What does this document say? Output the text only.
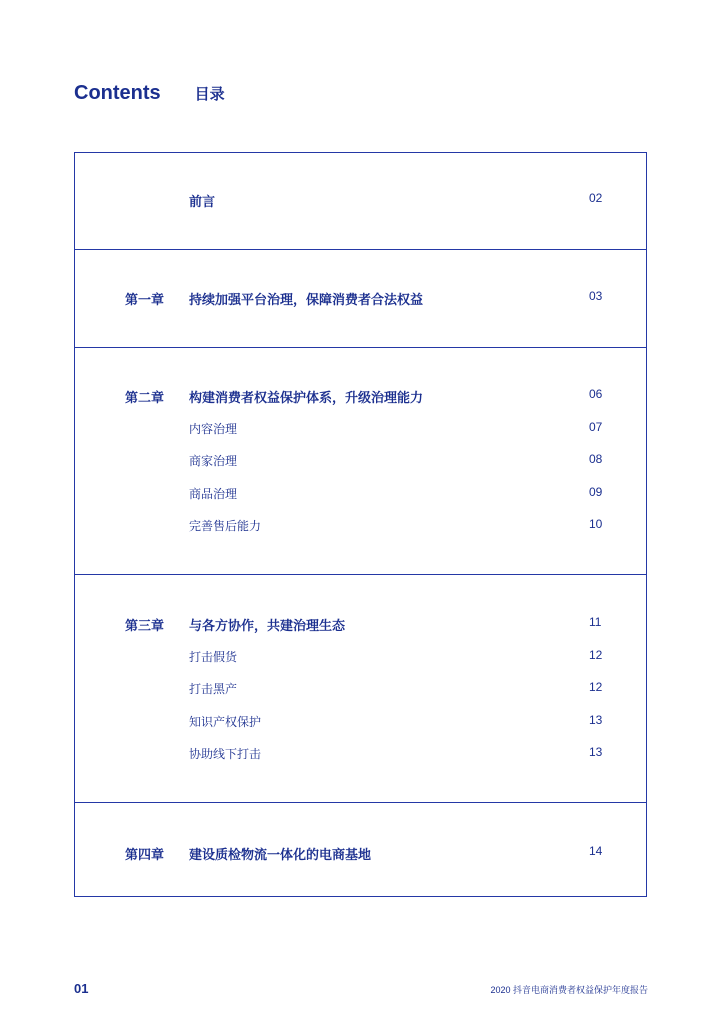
Contents 目录
前言	02
第一章 持续加强平台治理，保障消费者合法权益	03
第二章 构建消费者权益保护体系，升级治理能力	06
内容治理	07
商家治理	08
商品治理	09
完善售后能力	10
第三章 与各方协作，共建治理生态	11
打击假货	12
打击黑产	12
知识产权保护	13
协助线下打击	13
第四章 建设质检物流一体化的电商基地	14
01	2020 抖音电商消费者权益保护年度报告
